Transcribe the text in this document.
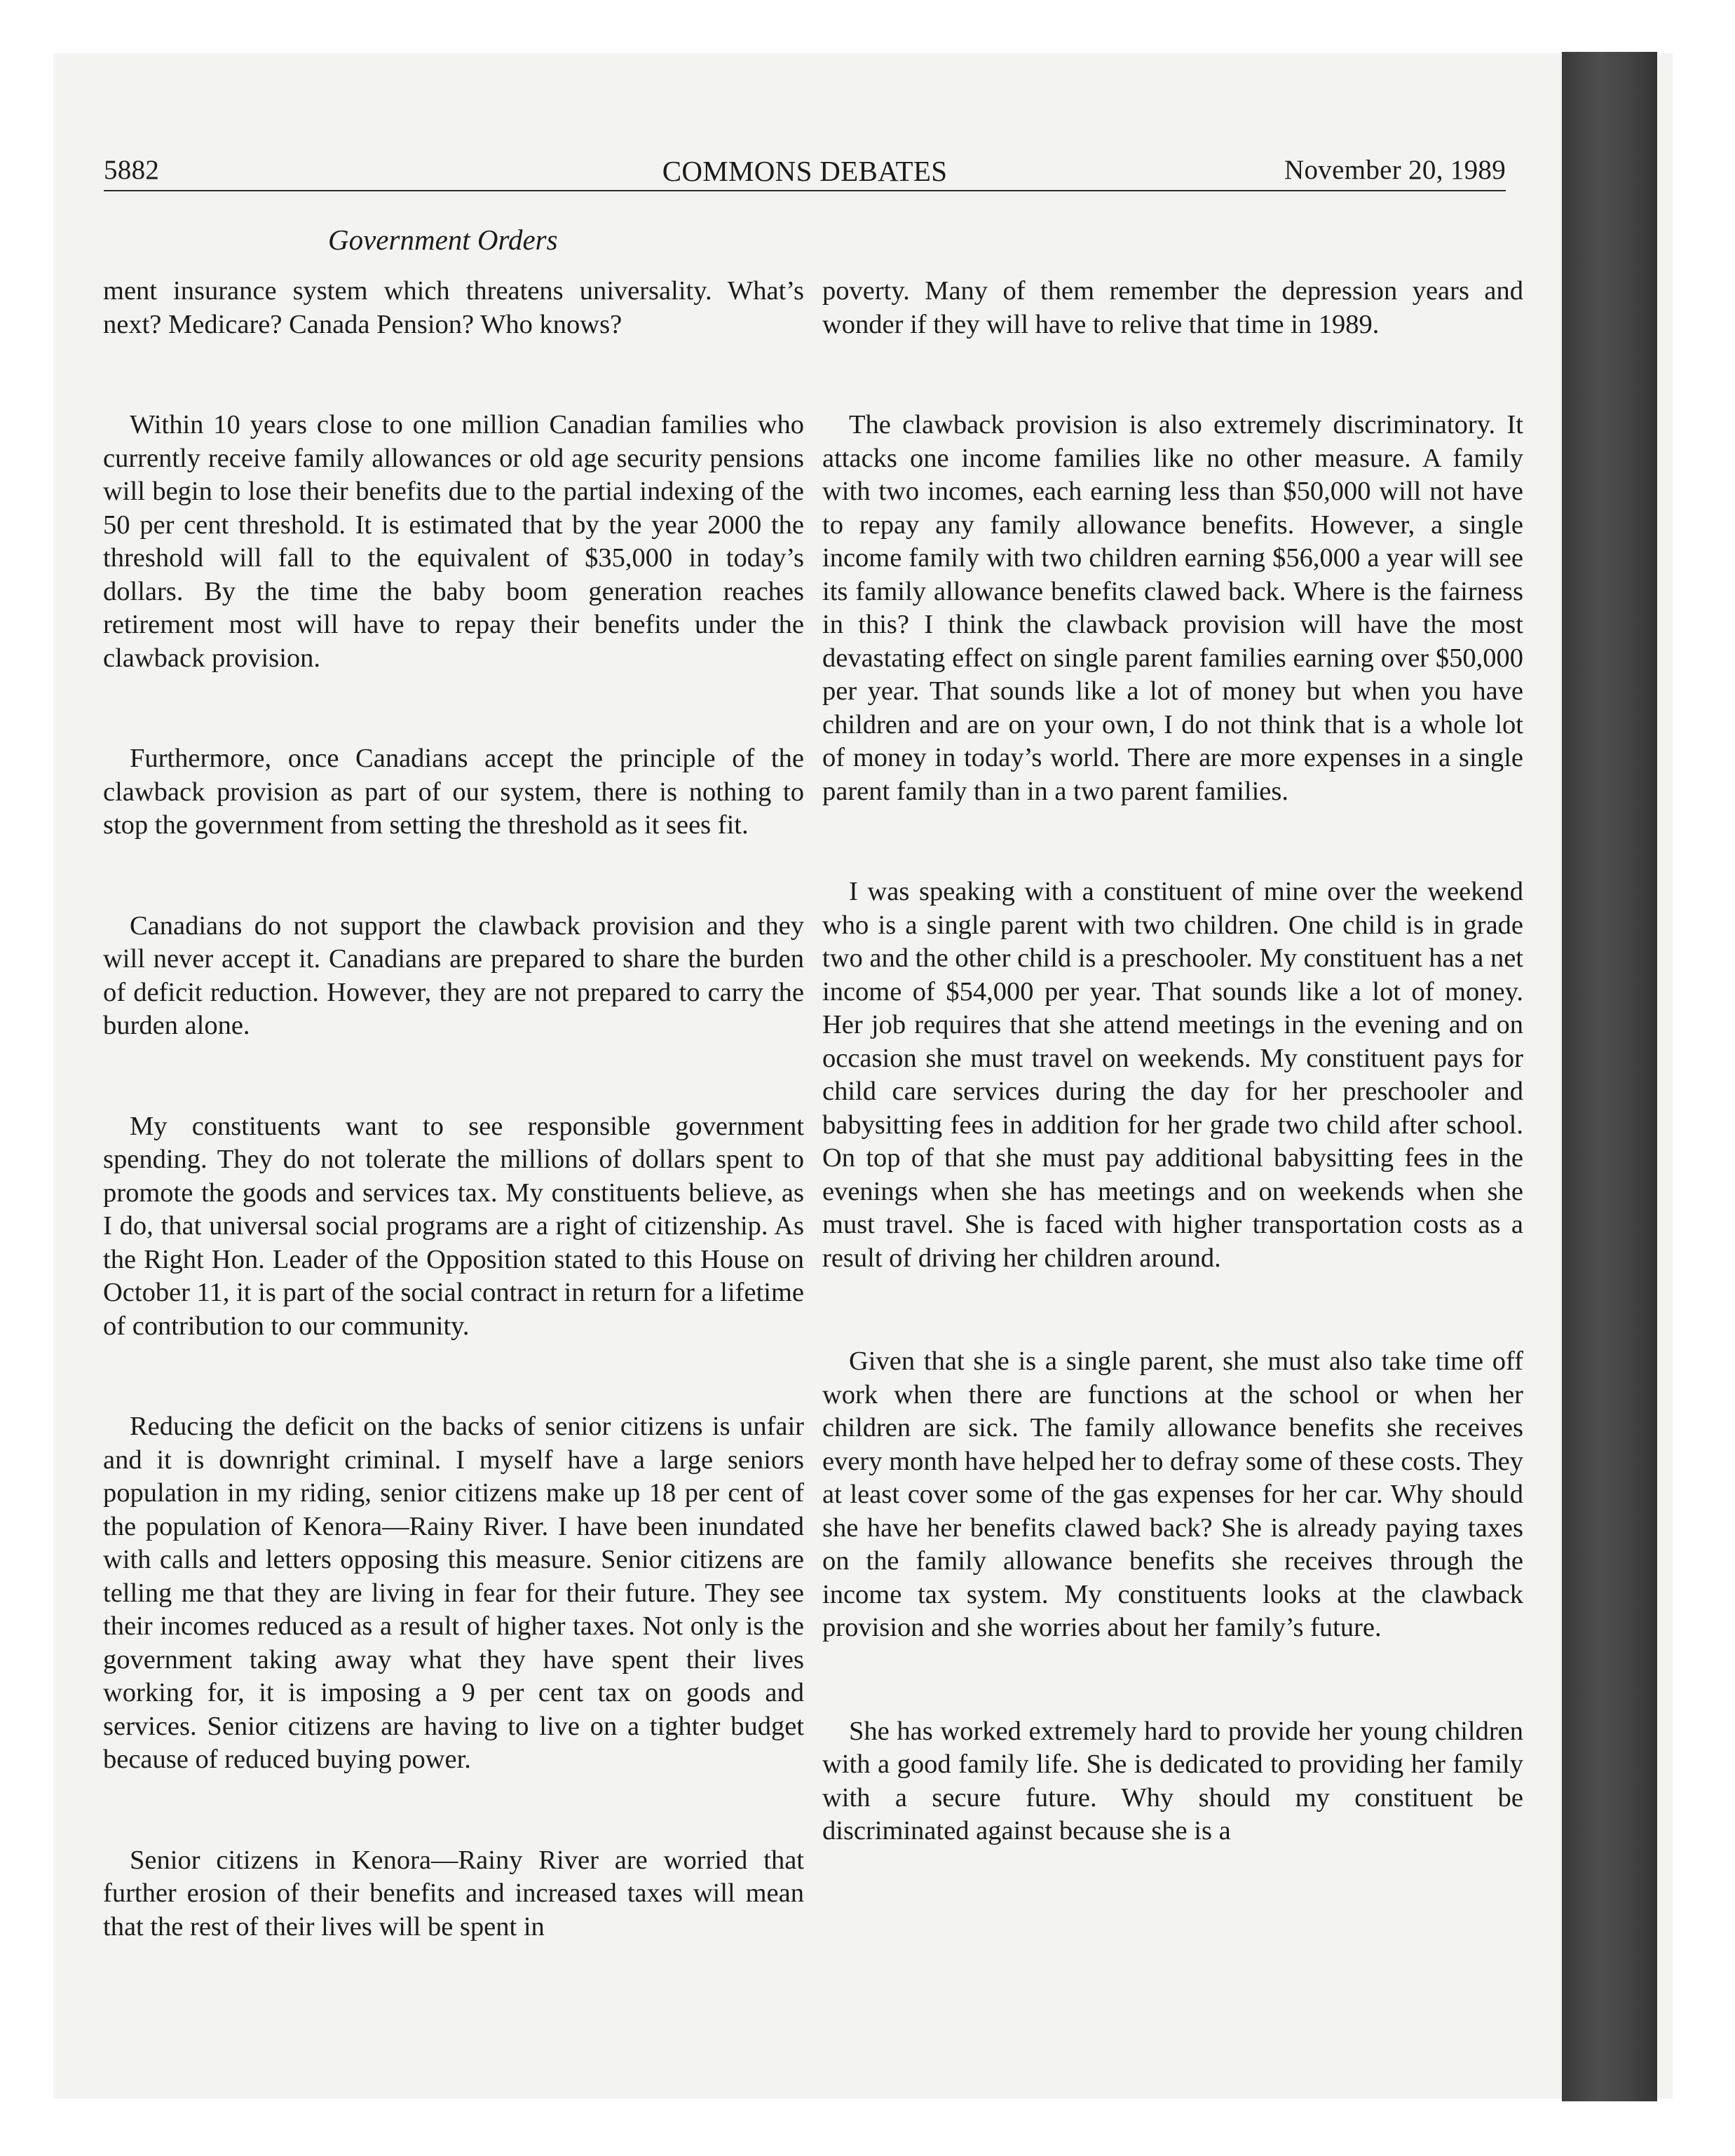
5882	COMMONS DEBATES	November 20, 1989
Government Orders

ment insurance system which threatens universality. What’s next? Medicare? Canada Pension? Who knows?

Within 10 years close to one million Canadian families who currently receive family allowances or old age security pensions will begin to lose their benefits due to the partial indexing of the 50 per cent threshold. It is estimated that by the year 2000 the threshold will fall to the equivalent of $35,000 in today’s dollars. By the time the baby boom generation reaches retirement most will have to repay their benefits under the clawback provision.

Furthermore, once Canadians accept the principle of the clawback provision as part of our system, there is nothing to stop the government from setting the threshold as it sees fit.

Canadians do not support the clawback provision and they will never accept it. Canadians are prepared to share the burden of deficit reduction. However, they are not prepared to carry the burden alone.

My constituents want to see responsible government spending. They do not tolerate the millions of dollars spent to promote the goods and services tax. My constituents believe, as I do, that universal social programs are a right of citizenship. As the Right Hon. Leader of the Opposition stated to this House on October 11, it is part of the social contract in return for a lifetime of contribution to our community.

Reducing the deficit on the backs of senior citizens is unfair and it is downright criminal. I myself have a large seniors population in my riding, senior citizens make up 18 per cent of the population of Kenora—Rainy River. I have been inundated with calls and letters opposing this measure. Senior citizens are telling me that they are living in fear for their future. They see their incomes reduced as a result of higher taxes. Not only is the government taking away what they have spent their lives working for, it is imposing a 9 per cent tax on goods and services. Senior citizens are having to live on a tighter budget because of reduced buying power.

Senior citizens in Kenora—Rainy River are worried that further erosion of their benefits and increased taxes will mean that the rest of their lives will be spent in

poverty. Many of them remember the depression years and wonder if they will have to relive that time in 1989.

The clawback provision is also extremely discriminatory. It attacks one income families like no other measure. A family with two incomes, each earning less than $50,000 will not have to repay any family allowance benefits. However, a single income family with two children earning $56,000 a year will see its family allowance benefits clawed back. Where is the fairness in this? I think the clawback provision will have the most devastating effect on single parent families earning over $50,000 per year. That sounds like a lot of money but when you have children and are on your own, I do not think that is a whole lot of money in today’s world. There are more expenses in a single parent family than in a two parent families.

I was speaking with a constituent of mine over the weekend who is a single parent with two children. One child is in grade two and the other child is a preschooler. My constituent has a net income of $54,000 per year. That sounds like a lot of money. Her job requires that she attend meetings in the evening and on occasion she must travel on weekends. My constituent pays for child care services during the day for her preschooler and babysitting fees in addition for her grade two child after school. On top of that she must pay additional babysitting fees in the evenings when she has meetings and on weekends when she must travel. She is faced with higher transportation costs as a result of driving her children around.

Given that she is a single parent, she must also take time off work when there are functions at the school or when her children are sick. The family allowance benefits she receives every month have helped her to defray some of these costs. They at least cover some of the gas expenses for her car. Why should she have her benefits clawed back? She is already paying taxes on the family allowance benefits she receives through the income tax system. My constituents looks at the clawback provision and she worries about her family’s future.

She has worked extremely hard to provide her young children with a good family life. She is dedicated to providing her family with a secure future. Why should my constituent be discriminated against because she is a
